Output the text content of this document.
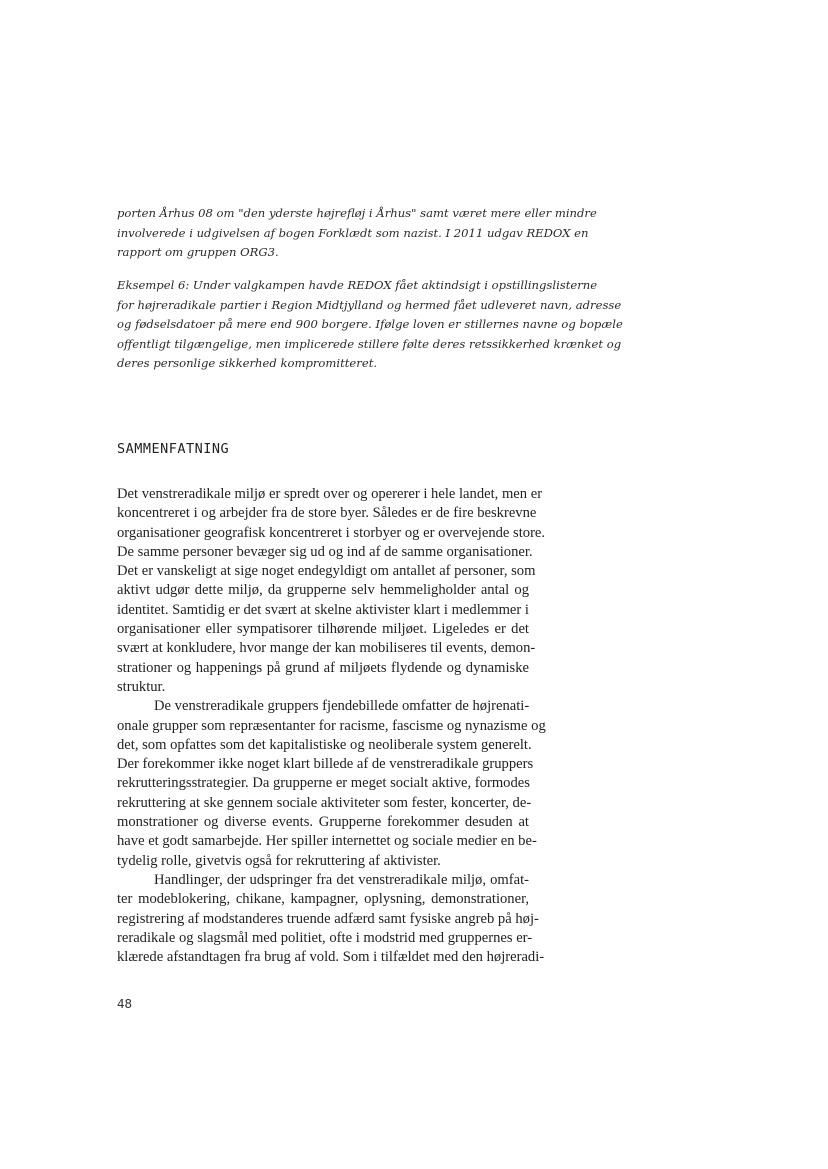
porten Århus 08 om "den yderste højrefløj i Århus" samt været mere eller mindre
involverede i udgivelsen af bogen Forklædt som nazist. I 2011 udgav REDOX en
rapport om gruppen ORG3.
Eksempel 6: Under valgkampen havde REDOX fået aktindsigt i opstillingslisterne
for højreradikale partier i Region Midtjylland og hermed fået udleveret navn, adresse
og fødselsdatoer på mere end 900 borgere. Ifølge loven er stillernes navne og bopæle
offentligt tilgængelige, men implicerede stillere følte deres retssikkerhed krænket og
deres personlige sikkerhed kompromitteret.
SAMMENFATNING
Det venstreradikale miljø er spredt over og opererer i hele landet, men er
koncentreret i og arbejder fra de store byer. Således er de fire beskrevne
organisationer geografisk koncentreret i storbyer og er overvejende store.
De samme personer bevæger sig ud og ind af de samme organisationer.
Det er vanskeligt at sige noget endegyldigt om antallet af personer, som
aktivt udgør dette miljø, da grupperne selv hemmeligholder antal og
identitet. Samtidig er det svært at skelne aktivister klart i medlemmer i
organisationer eller sympatisorer tilhørende miljøet. Ligeledes er det
svært at konkludere, hvor mange der kan mobiliseres til events, demon-
strationer og happenings på grund af miljøets flydende og dynamiske
struktur.
De venstreradikale gruppers fjendebillede omfatter de højrenati-
onale grupper som repræsentanter for racisme, fascisme og nynazisme og
det, som opfattes som det kapitalistiske og neoliberale system generelt.
Der forekommer ikke noget klart billede af de venstreradikale gruppers
rekrutteringsstrategier. Da grupperne er meget socialt aktive, formodes
rekruttering at ske gennem sociale aktiviteter som fester, koncerter, de-
monstrationer og diverse events. Grupperne forekommer desuden at
have et godt samarbejde. Her spiller internettet og sociale medier en be-
tydelig rolle, givetvis også for rekruttering af aktivister.
Handlinger, der udspringer fra det venstreradikale miljø, omfat-
ter modeblokering, chikane, kampagner, oplysning, demonstrationer,
registrering af modstanderes truende adfærd samt fysiske angreb på høj-
reradikale og slagsmål med politiet, ofte i modstrid med gruppernes er-
klærede afstandtagen fra brug af vold. Som i tilfældet med den højreradi-
48
